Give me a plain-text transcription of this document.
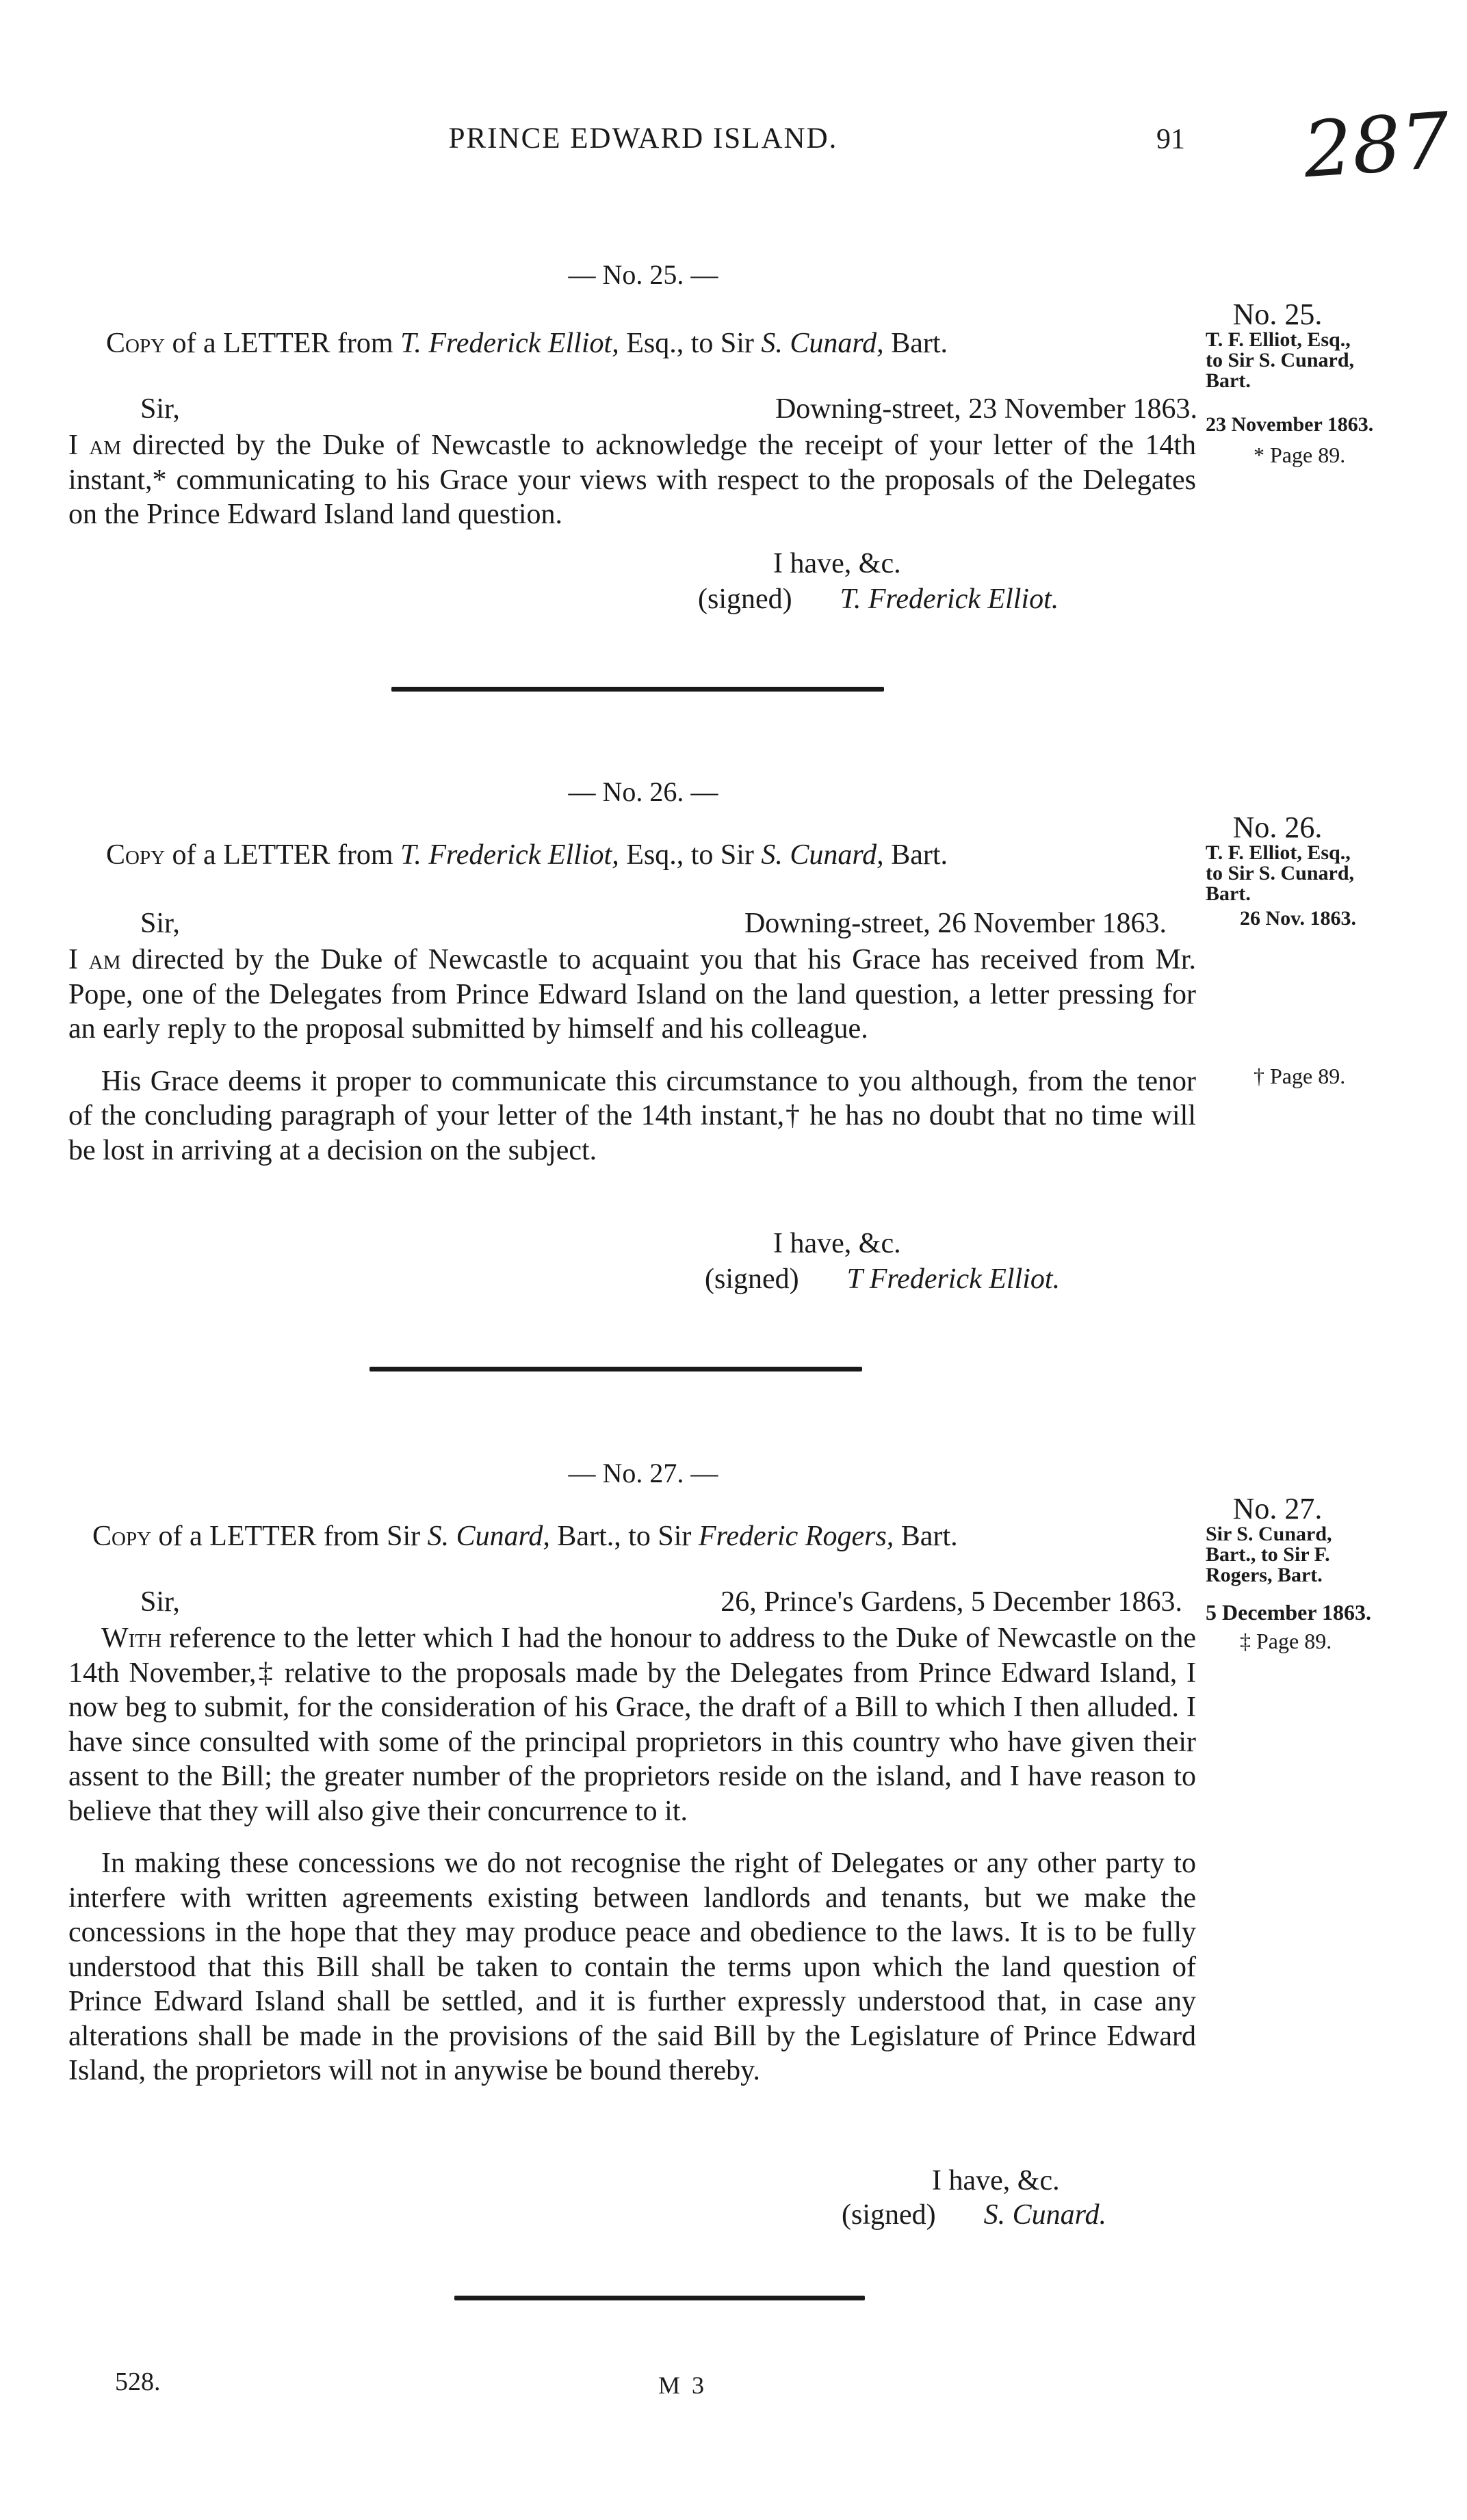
PRINCE EDWARD ISLAND.	91 287
— No. 25. —
Copy of a LETTER from T. Frederick Elliot, Esq., to Sir S. Cunard, Bart.
Sir,	Downing-street, 23 November 1863.

I am directed by the Duke of Newcastle to acknowledge the receipt of your letter of the 14th instant,* communicating to his Grace your views with respect to the proposals of the Delegates on the Prince Edward Island land question.

I have, &c.
(signed) T. Frederick Elliot.
No. 25.
T. F. Elliot, Esq.,
to Sir S. Cunard,
Bart.
23 November 1863.
* Page 89.
— No. 26. —
Copy of a LETTER from T. Frederick Elliot, Esq., to Sir S. Cunard, Bart.
Sir,	Downing-street, 26 November 1863.

I am directed by the Duke of Newcastle to acquaint you that his Grace has received from Mr. Pope, one of the Delegates from Prince Edward Island on the land question, a letter pressing for an early reply to the proposal submitted by himself and his colleague.

His Grace deems it proper to communicate this circumstance to you although, from the tenor of the concluding paragraph of your letter of the 14th instant,† he has no doubt that no time will be lost in arriving at a decision on the subject.

I have, &c.
(signed) T Frederick Elliot.
No. 26.
T. F. Elliot, Esq.,
to Sir S. Cunard,
Bart.
26 Nov. 1863.
† Page 89.
— No. 27. —
Copy of a LETTER from Sir S. Cunard, Bart., to Sir Frederic Rogers, Bart.
Sir,	26, Prince's Gardens, 5 December 1863.

With reference to the letter which I had the honour to address to the Duke of Newcastle on the 14th November,‡ relative to the proposals made by the Delegates from Prince Edward Island, I now beg to submit, for the consideration of his Grace, the draft of a Bill to which I then alluded. I have since consulted with some of the principal proprietors in this country who have given their assent to the Bill; the greater number of the proprietors reside on the island, and I have reason to believe that they will also give their concurrence to it.

In making these concessions we do not recognise the right of Delegates or any other party to interfere with written agreements existing between landlords and tenants, but we make the concessions in the hope that they may produce peace and obedience to the laws. It is to be fully understood that this Bill shall be taken to contain the terms upon which the land question of Prince Edward Island shall be settled, and it is further expressly understood that, in case any alterations shall be made in the provisions of the said Bill by the Legislature of Prince Edward Island, the proprietors will not in anywise be bound thereby.

I have, &c.
(signed) S. Cunard.
No. 27.
Sir S. Cunard,
Bart., to Sir F.
Rogers, Bart.
5 December 1863.
‡ Page 89.
528.	M 3
